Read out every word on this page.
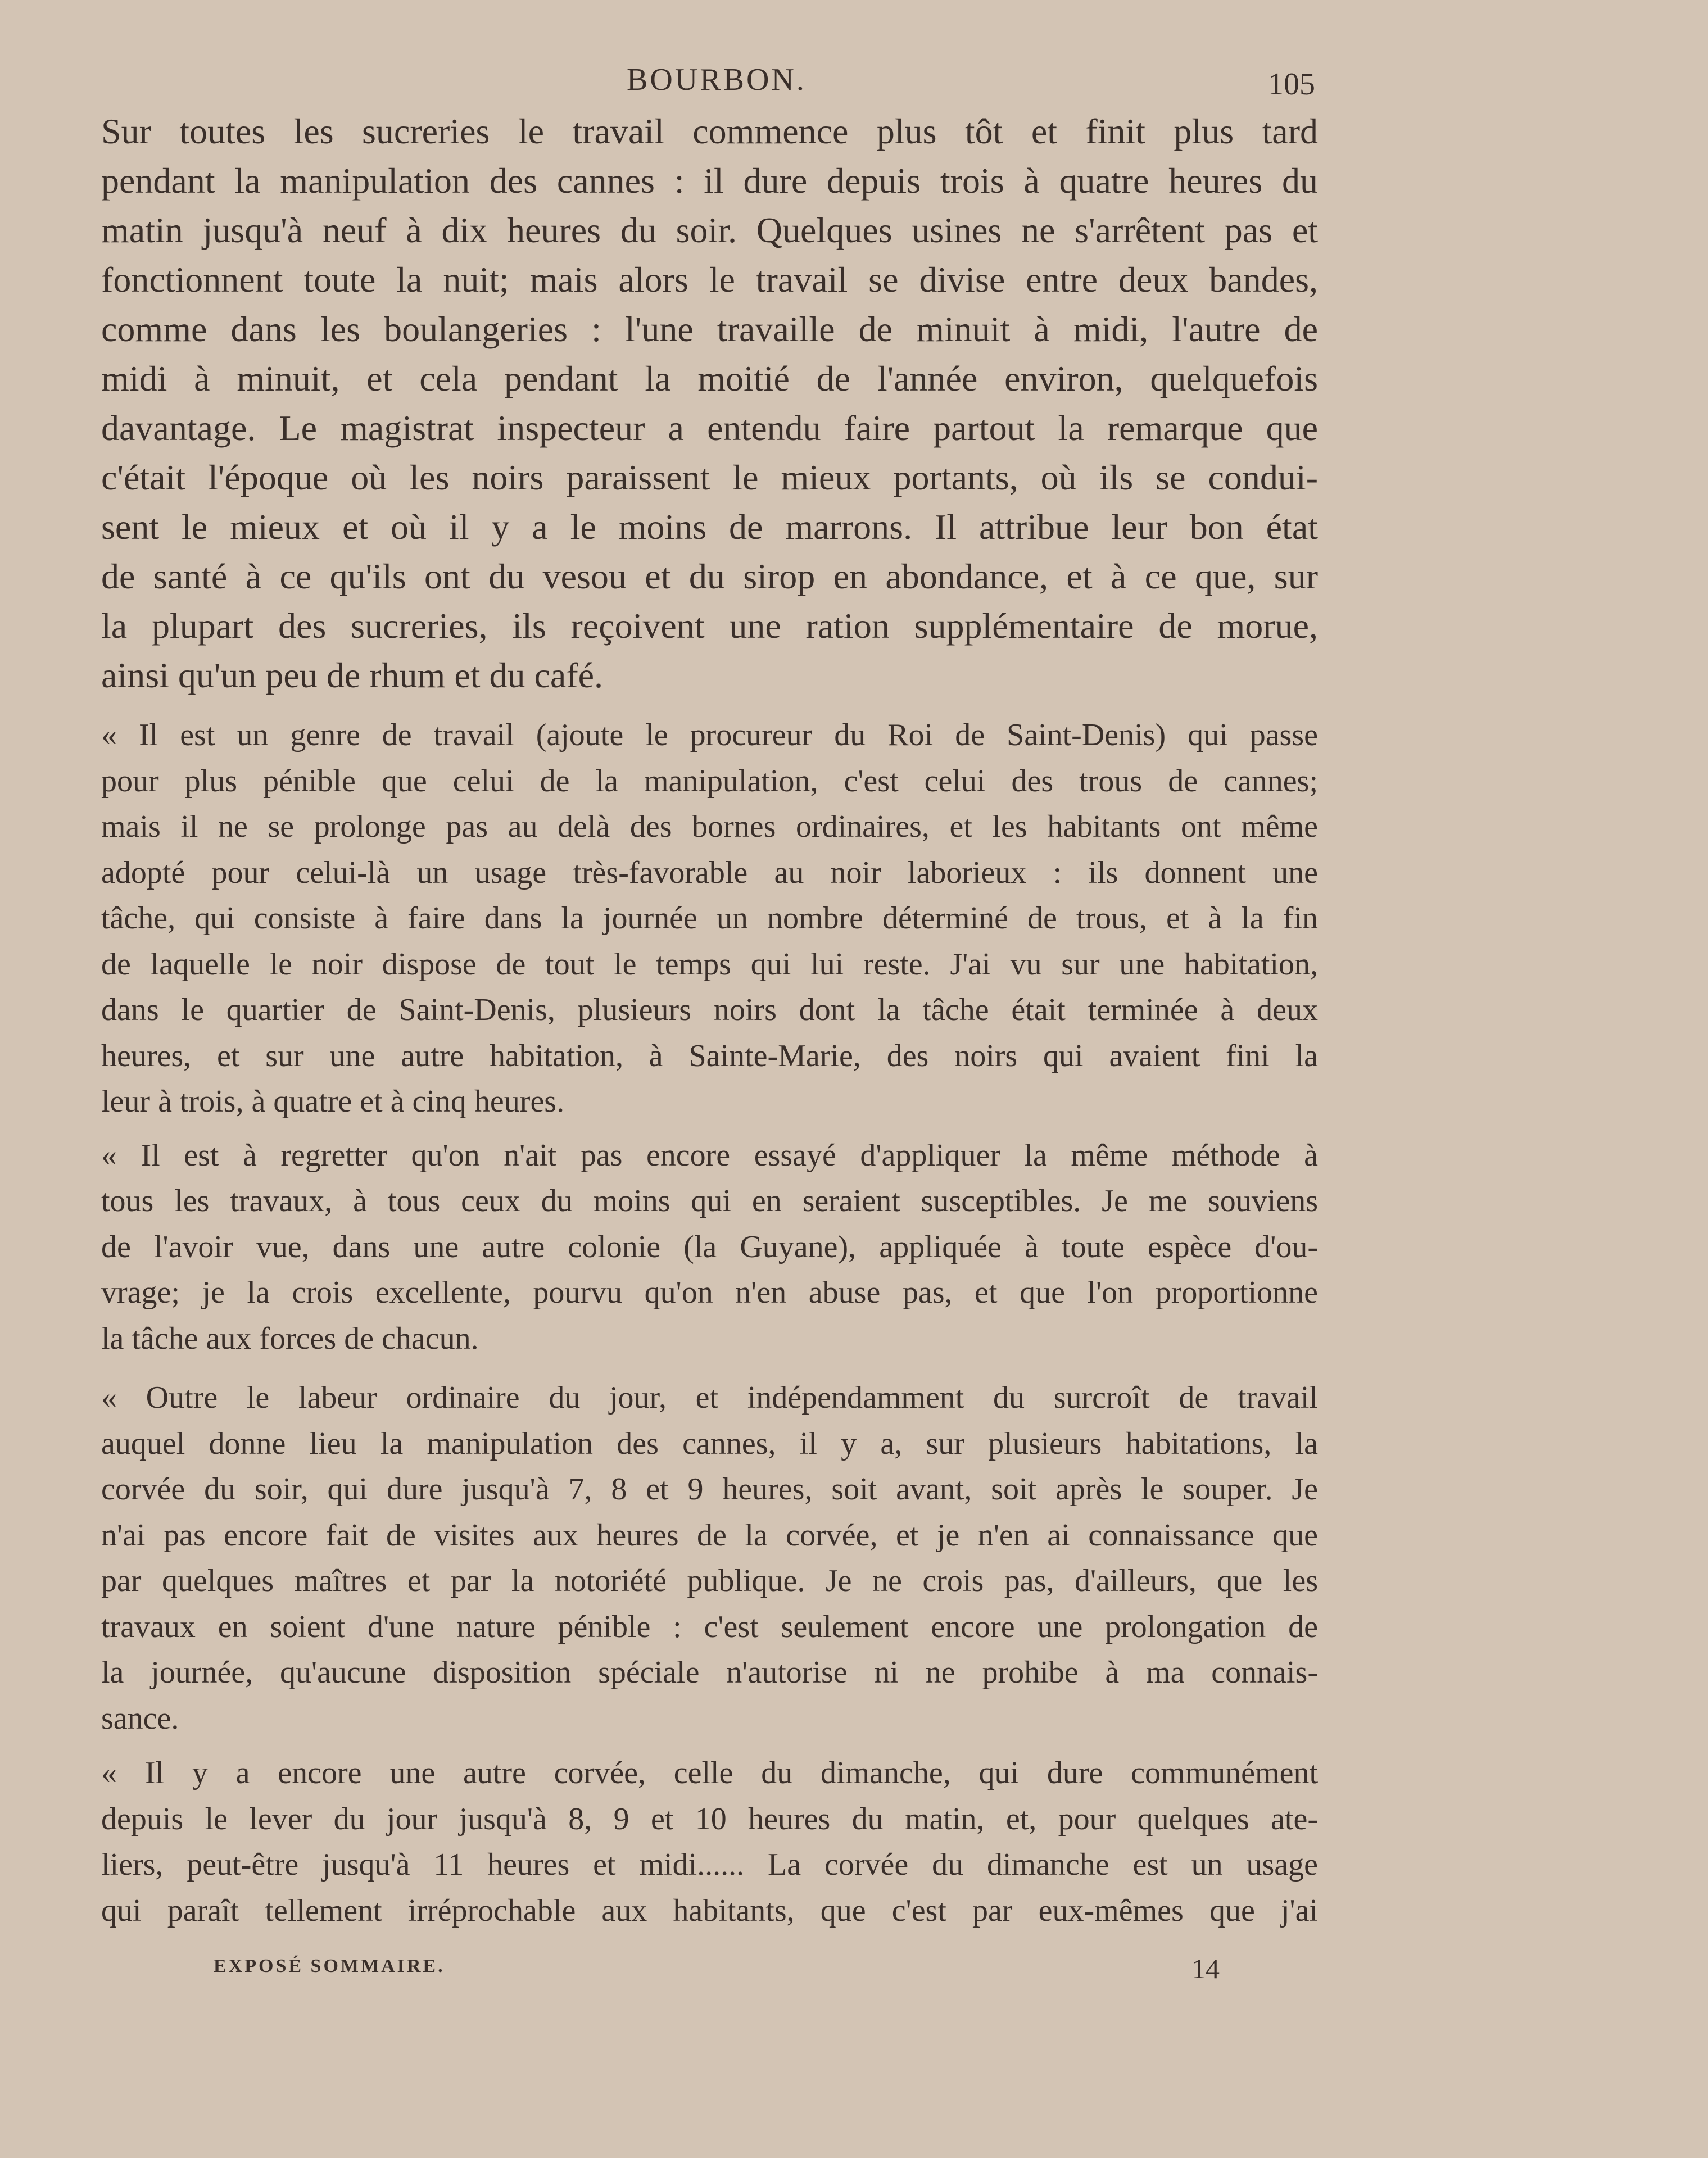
BOURBON.	105
Sur toutes les sucreries le travail commence plus tôt et finit plus tard
pendant la manipulation des cannes : il dure depuis trois à quatre heures du
matin jusqu'à neuf à dix heures du soir. Quelques usines ne s'arrêtent pas et
fonctionnent toute la nuit; mais alors le travail se divise entre deux bandes,
comme dans les boulangeries : l'une travaille de minuit à midi, l'autre de
midi à minuit, et cela pendant la moitié de l'année environ, quelquefois
davantage. Le magistrat inspecteur a entendu faire partout la remarque que
c'était l'époque où les noirs paraissent le mieux portants, où ils se condui-
sent le mieux et où il y a le moins de marrons. Il attribue leur bon état
de santé à ce qu'ils ont du vesou et du sirop en abondance, et à ce que, sur
la plupart des sucreries, ils reçoivent une ration supplémentaire de morue,
ainsi qu'un peu de rhum et du café.
« Il est un genre de travail (ajoute le procureur du Roi de Saint-Denis) qui passe
pour plus pénible que celui de la manipulation, c'est celui des trous de cannes;
mais il ne se prolonge pas au delà des bornes ordinaires, et les habitants ont même
adopté pour celui-là un usage très-favorable au noir laborieux : ils donnent une
tâche, qui consiste à faire dans la journée un nombre déterminé de trous, et à la fin
de laquelle le noir dispose de tout le temps qui lui reste. J'ai vu sur une habitation,
dans le quartier de Saint-Denis, plusieurs noirs dont la tâche était terminée à deux
heures, et sur une autre habitation, à Sainte-Marie, des noirs qui avaient fini la
leur à trois, à quatre et à cinq heures.
« Il est à regretter qu'on n'ait pas encore essayé d'appliquer la même méthode à
tous les travaux, à tous ceux du moins qui en seraient susceptibles. Je me souviens
de l'avoir vue, dans une autre colonie (la Guyane), appliquée à toute espèce d'ou-
vrage; je la crois excellente, pourvu qu'on n'en abuse pas, et que l'on proportionne
la tâche aux forces de chacun.
« Outre le labeur ordinaire du jour, et indépendamment du surcroît de travail
auquel donne lieu la manipulation des cannes, il y a, sur plusieurs habitations, la
corvée du soir, qui dure jusqu'à 7, 8 et 9 heures, soit avant, soit après le souper. Je
n'ai pas encore fait de visites aux heures de la corvée, et je n'en ai connaissance que
par quelques maîtres et par la notoriété publique. Je ne crois pas, d'ailleurs, que les
travaux en soient d'une nature pénible : c'est seulement encore une prolongation de
la journée, qu'aucune disposition spéciale n'autorise ni ne prohibe à ma connais-
sance.
« Il y a encore une autre corvée, celle du dimanche, qui dure communément
depuis le lever du jour jusqu'à 8, 9 et 10 heures du matin, et, pour quelques ate-
liers, peut-être jusqu'à 11 heures et midi...... La corvée du dimanche est un usage
qui paraît tellement irréprochable aux habitants, que c'est par eux-mêmes que j'ai
EXPOSÉ SOMMAIRE.	14
